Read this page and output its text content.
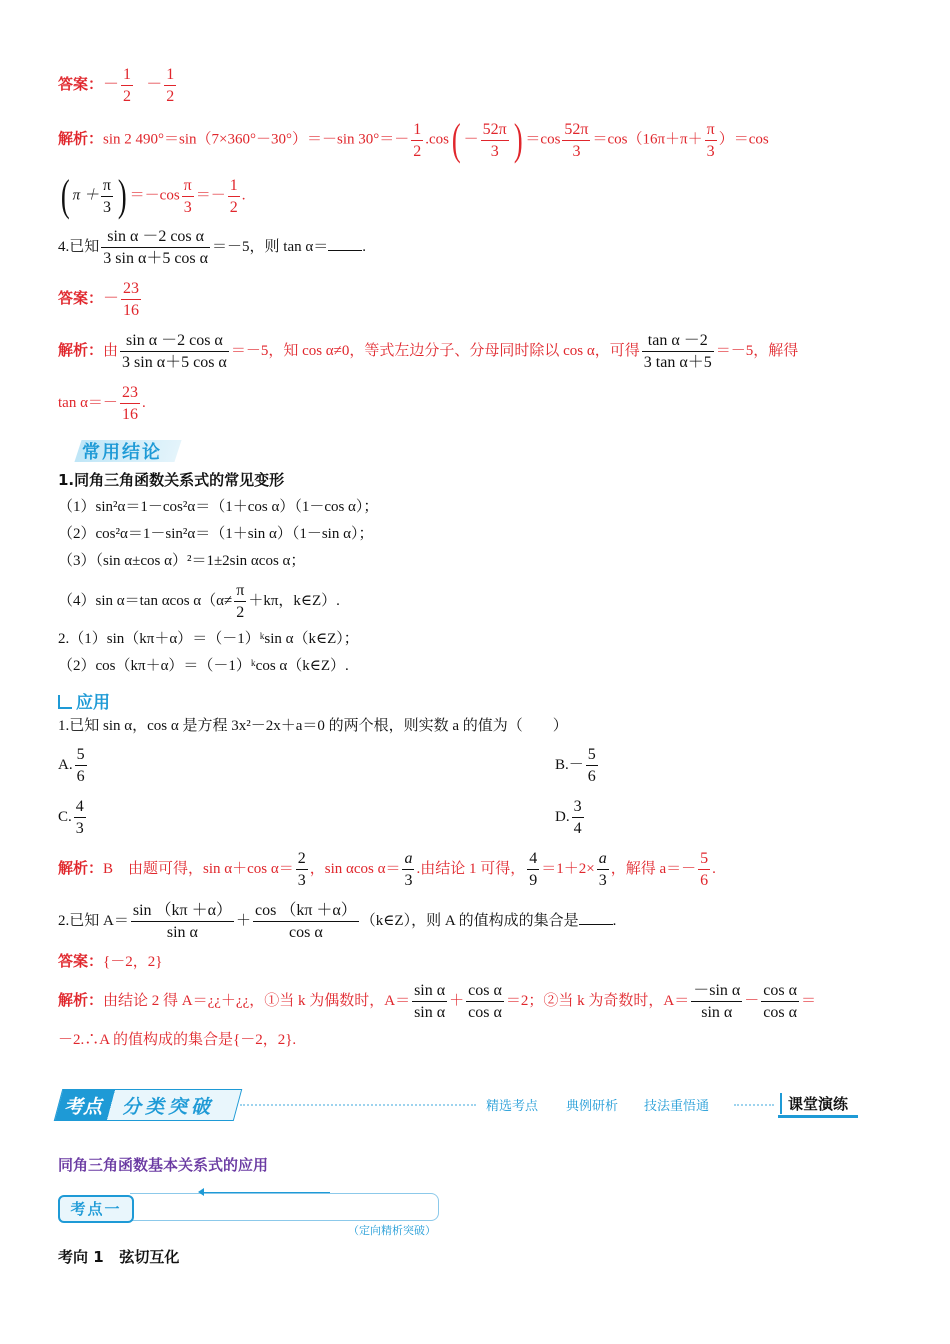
答案：－ $\frac{1}{2} - \frac{1}{2}$
解析：sin 2 490°＝sin（7×360°－30°）＝－sin $30^\circ=- \frac{1}{2} .\cos( - \frac{52\pi}{3}$ ) $=\cos \frac{52\pi}{3} =\cos(16\pi+\pi+ \frac{\pi}{3} )=\cos$
( $\pi + \frac{\pi}{3}$ ) $=-\cos \frac{\pi}{3} =- \frac{1}{2}$ .
4.已知 $\frac{\text{sin α －2 cos α}}{\text{3 sin α＋5 cos α}} =-5$，则 tan α＝ .
答案：－ $\frac{23}{16}$
解析：由 $\frac{\text{sin α －2 cos α}}{\text{3 sin α＋5 cos α}} =-5$，知 cos α≠0，等式左边分子、分母同时除以 cos α，可得 $\frac{\text{tan α －2}}{\text{3 tan α＋5}} =-5$，解得
$\tan \alpha=- \frac{23}{16}$ .
常用结论
1.同角三角函数关系式的常见变形
（1）sin²α＝1－cos²α＝（1＋cos α）（1－cos α）；
（2）cos²α＝1－sin²α＝（1＋sin α）（1－sin α）；
（3）（sin α±cos α）²＝1±2sin αcos α；
（4）sin α＝tan αcos $\alpha(\alpha\ne \frac{\pi}{2} +k\pi$，k∈Z）.
2.（1）sin（kπ＋α）＝（－1）ᵏsin α（k∈Z）；
（2）cos（kπ＋α）＝（－1）ᵏcos α（k∈Z）.
应用
1.已知 sin α，cos α 是方程 3x²－2x＋a＝0 的两个根，则实数 a 的值为（　　）
A. $\frac{5}{6}$	$B.- \frac{5}{6}$
C. $\frac{4}{3}$	D. $\frac{3}{4}$
解析：B　由题可得，sin α＋cos $\alpha= \frac{2}{3}$ ，sin αcos $\alpha= \frac{a}{3}$ .由结论 1 可得， $\frac{4}{9} =1+2\times \frac{a}{3}$ ，解得 $a=- \frac{5}{6}$ .
2.已知 $A= \frac{\sin (k\pi +\alpha)}{\text{sin α}} + \frac{\cos (k\pi +\alpha)}{\text{cos α}}$ （k∈Z），则 A 的值构成的集合是 .
答案：{－2，2}
解析：由结论 2 得 A＝¿¿＋¿¿，①当 k 为偶数时，$A= \frac{\text{sin α}}{\text{sin α}} + \frac{\text{cos α}}{\text{cos α}} =2$；②当 k 为奇数时，$A= \frac{\text{－sin α}}{\text{sin α}} - \frac{\text{cos α}}{\text{cos α}}$ ＝
－2.∴A 的值构成的集合是{－2，2}.
考点 分类突破	精选考点 典例研析 技法重悟通	课堂演练
同角三角函数基本关系式的应用
考点一
（定向精析突破）
考向 1 弦切互化
